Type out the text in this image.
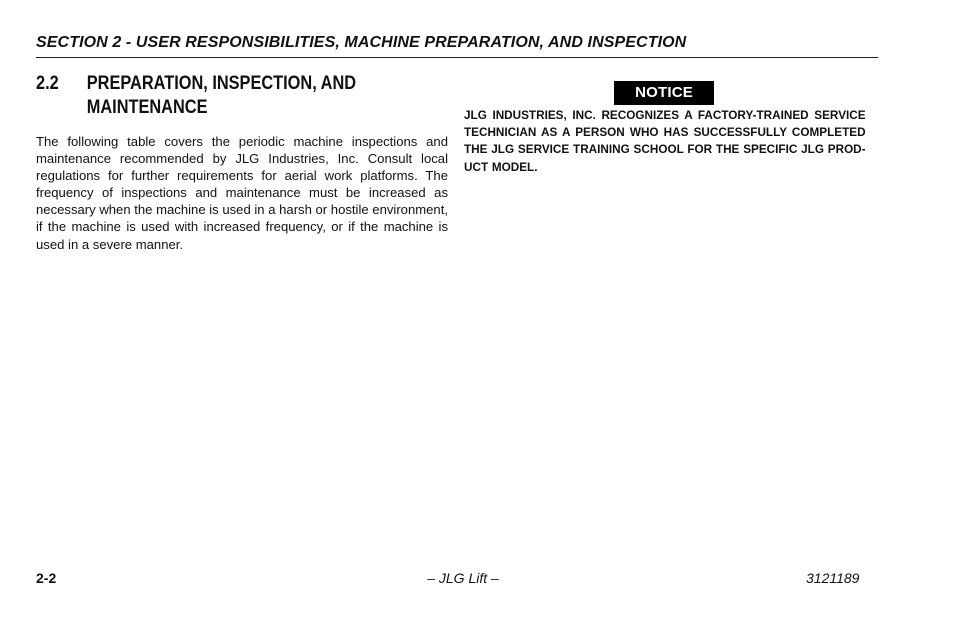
SECTION 2 - USER RESPONSIBILITIES, MACHINE PREPARATION, AND INSPECTION
2.2 PREPARATION, INSPECTION, AND MAINTENANCE
The following table covers the periodic machine inspections and maintenance recommended by JLG Industries, Inc. Consult local regulations for further requirements for aerial work platforms. The frequency of inspections and maintenance must be increased as necessary when the machine is used in a harsh or hostile environment, if the machine is used with increased frequency, or if the machine is used in a severe manner.
NOTICE
JLG INDUSTRIES, INC. RECOGNIZES A FACTORY-TRAINED SERVICE TECHNICIAN AS A PERSON WHO HAS SUCCESSFULLY COMPLETED THE JLG SERVICE TRAINING SCHOOL FOR THE SPECIFIC JLG PRODUCT MODEL.
2-2	– JLG Lift –	3121189
